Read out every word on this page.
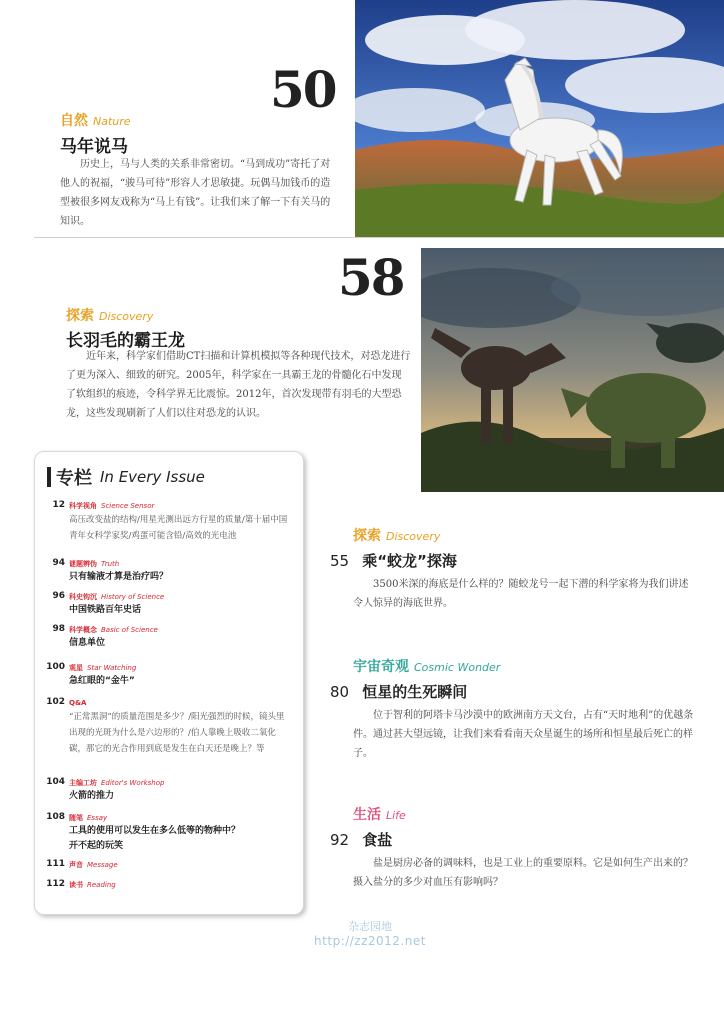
50
自然 Nature
马年说马
历史上，马与人类的关系非常密切。“马到成功”寄托了对他人的祝福，“骏马可待”形容人才思敏捷。玩偶马加钱币的造型被很多网友戏称为“马上有钱”。让我们来了解一下有关马的知识。
58
探索 Discovery
长羽毛的霸王龙
近年来，科学家们借助CT扫描和计算机模拟等各种现代技术，对恐龙进行了更为深入、细致的研究。2005年，科学家在一具霸王龙的骨髓化石中发现了软组织的痕迹，令科学界无比震惊。2012年，首次发现带有羽毛的大型恐龙，这些发现刷新了人们以往对恐龙的认识。
专栏 In Every Issue
12 科学视角 Science Sensor
高压改变盐的结构/用星光测出远方行星的质量/第十届中国青年女科学家奖/鸡蛋可能含铅/高效的光电池
94 谜题辨伪 Truth
只有输液才算是治疗吗？
96 科史钩沉 History of Science
中国铁路百年史话
98 科学概念 Basic of Science
信息单位
100 观星 Star Watching
急红眼的“金牛”
102 Q&A
“正常黑洞”的质量范围是多少？/阳光强烈的时候，镜头里出现的光斑为什么是六边形的？/伯人靠晚上吸收二氧化碳，那它的光合作用到底是发生在白天还是晚上？等
104 主编工坊 Editor's Workshop
火箭的推力
108 随笔 Essay
工具的使用可以发生在多么低等的物种中？
开不起的玩笑
111 声音 Message
112 读书 Reading
探索 Discovery
55 乘“蛟龙”探海
3500米深的海底是什么样的？随蛟龙号一起下潜的科学家将为我们讲述令人惊异的海底世界。
宇宙奇观 Cosmic Wonder
80 恒星的生死瞬间
位于智利的阿塔卡马沙漠中的欧洲南方天文台，占有“天时地利”的优越条件。通过甚大望远镜，让我们来看看南天众星诞生的场所和恒星最后死亡的样子。
生活 Life
92 食盐
盐是厨房必备的调味料，也是工业上的重要原料。它是如何生产出来的？摄入盐分的多少对血压有影响吗？
杂志园地
http://zz2012.net
